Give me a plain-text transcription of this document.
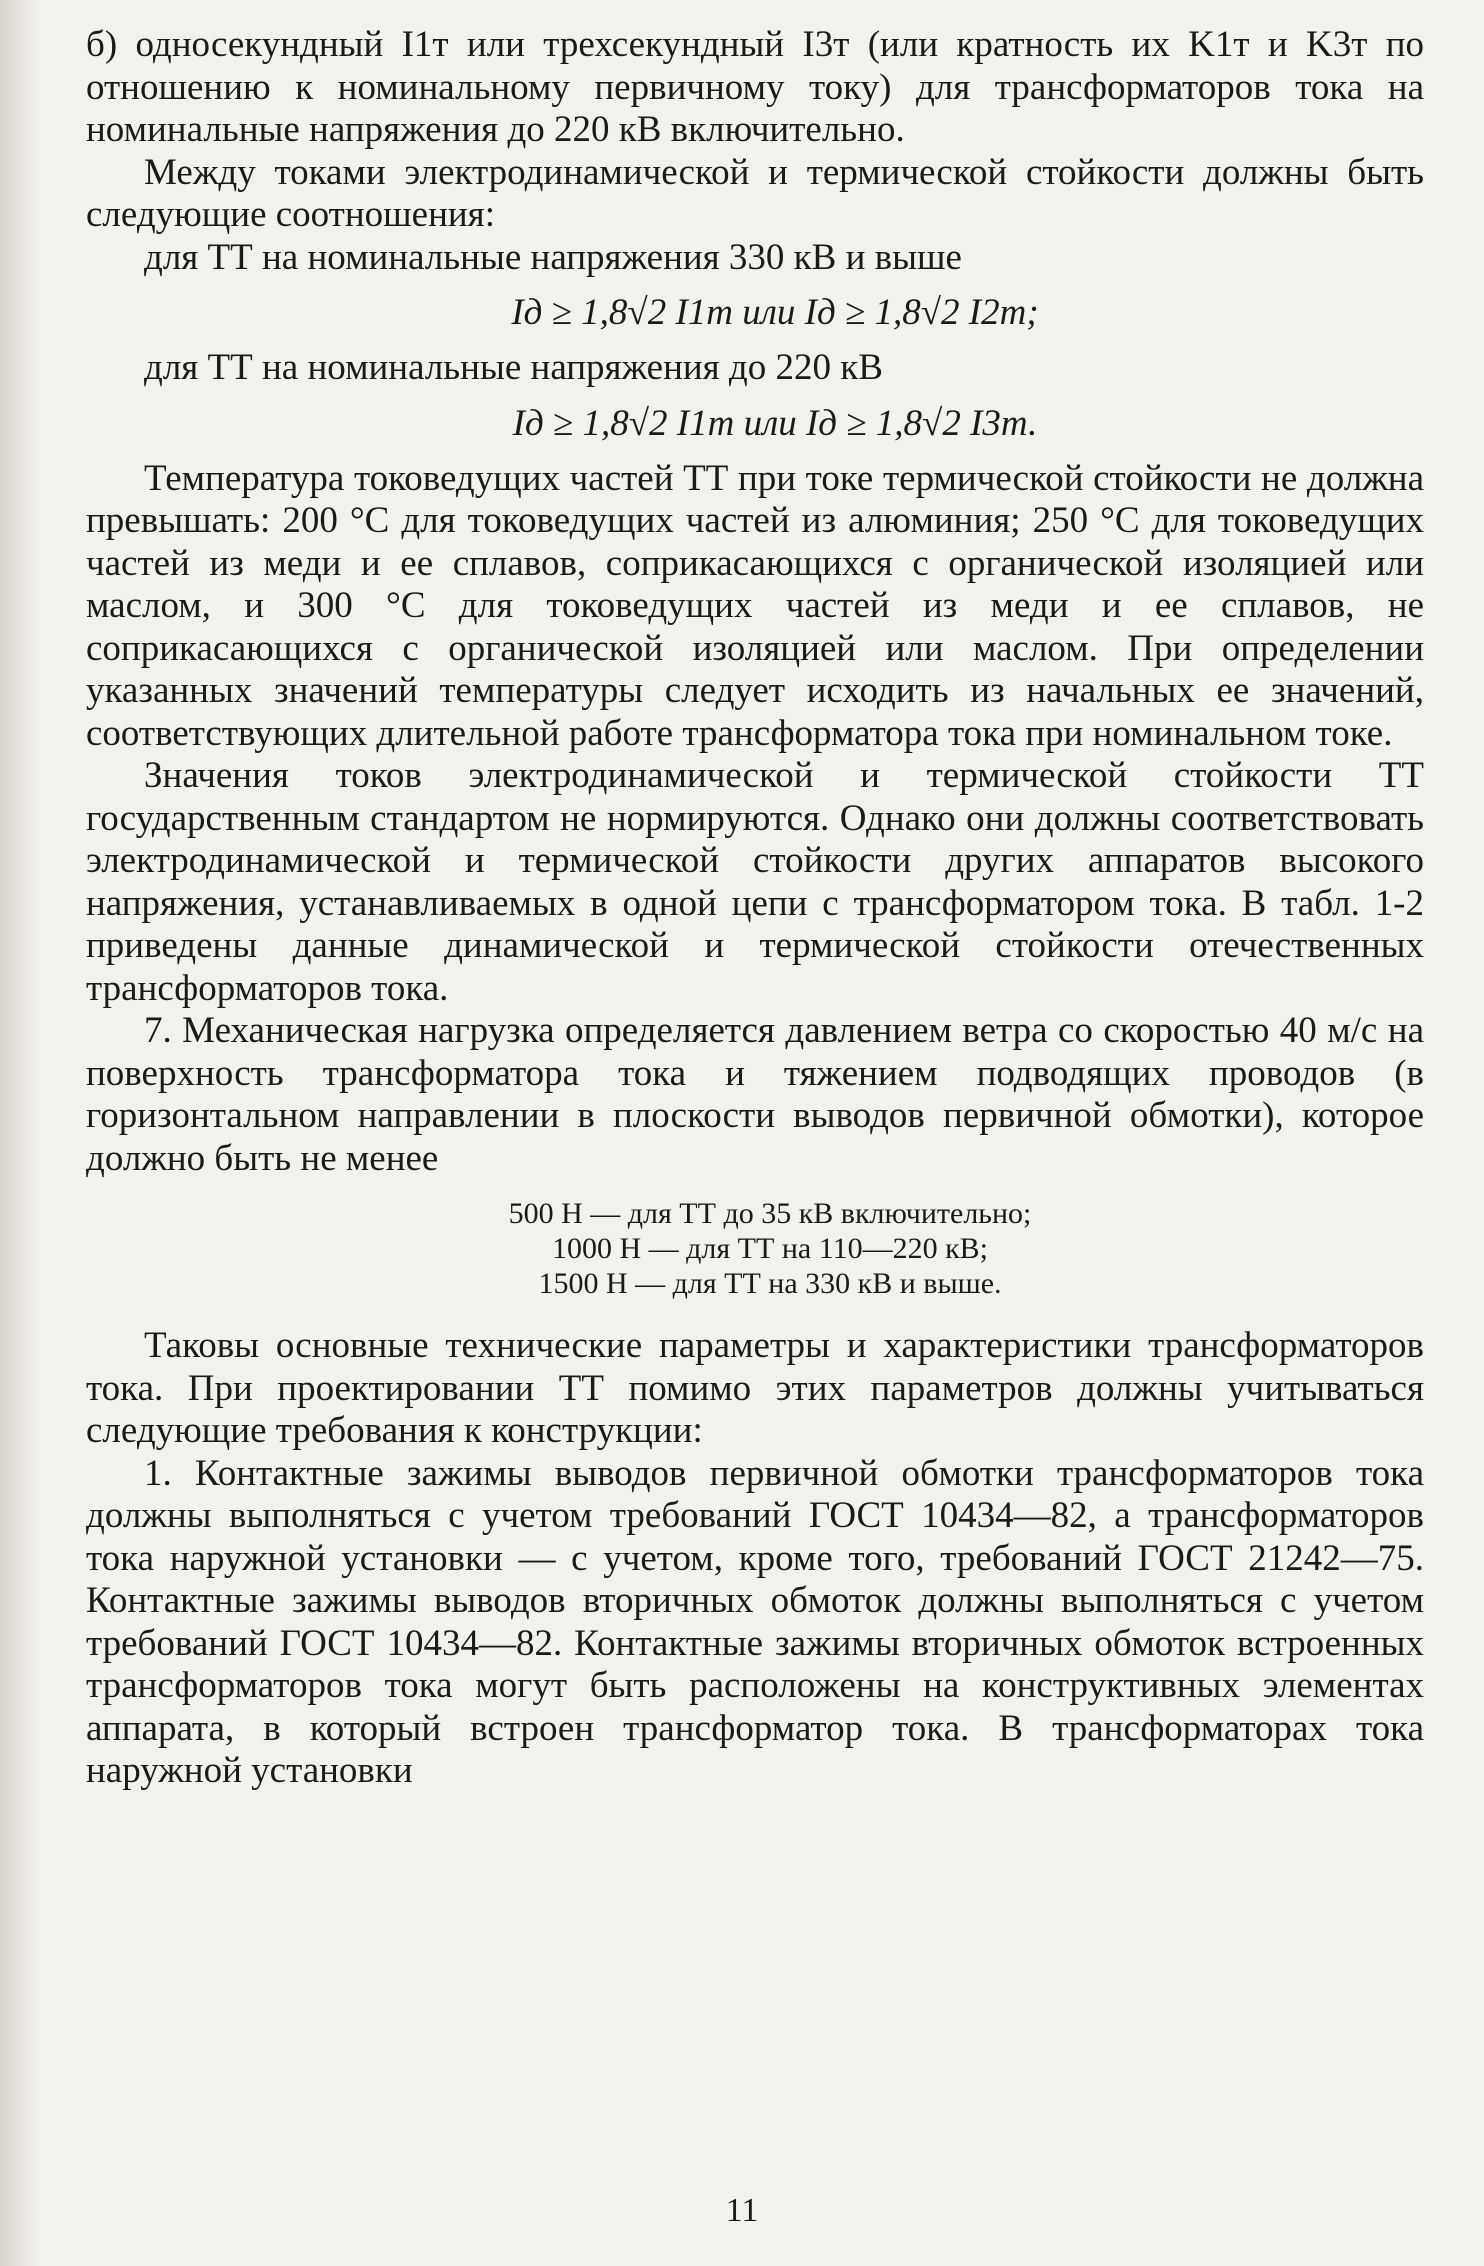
б) односекундный I1т или трехсекундный I3т (или кратность их K1т и K3т по отношению к номинальному первичному току) для трансформаторов тока на номинальные напряжения до 220 кВ включительно.

Между токами электродинамической и термической стойкости должны быть следующие соотношения:

для ТТ на номинальные напряжения 330 кВ и выше

Iд ≥ 1,8√2 I1т или Iд ≥ 1,8√2 I2т;

для ТТ на номинальные напряжения до 220 кВ

Iд ≥ 1,8√2 I1т или Iд ≥ 1,8√2 I3т.

Температура токоведущих частей ТТ при токе термической стойкости не должна превышать: 200 °С для токоведущих частей из алюминия; 250 °С для токоведущих частей из меди и ее сплавов, соприкасающихся с органической изоляцией или маслом, и 300 °С для токоведущих частей из меди и ее сплавов, не соприкасающихся с органической изоляцией или маслом. При определении указанных значений температуры следует исходить из начальных ее значений, соответствующих длительной работе трансформатора тока при номинальном токе.

Значения токов электродинамической и термической стойкости ТТ государственным стандартом не нормируются. Однако они должны соответствовать электродинамической и термической стойкости других аппаратов высокого напряжения, устанавливаемых в одной цепи с трансформатором тока. В табл. 1-2 приведены данные динамической и термической стойкости отечественных трансформаторов тока.

7. Механическая нагрузка определяется давлением ветра со скоростью 40 м/с на поверхность трансформатора тока и тяжением подводящих проводов (в горизонтальном направлении в плоскости выводов первичной обмотки), которое должно быть не менее

500 Н — для ТТ до 35 кВ включительно;
1000 Н — для ТТ на 110—220 кВ;
1500 Н — для ТТ на 330 кВ и выше.

Таковы основные технические параметры и характеристики трансформаторов тока. При проектировании ТТ помимо этих параметров должны учитываться следующие требования к конструкции:

1. Контактные зажимы выводов первичной обмотки трансформаторов тока должны выполняться с учетом требований ГОСТ 10434—82, а трансформаторов тока наружной установки — с учетом, кроме того, требований ГОСТ 21242—75. Контактные зажимы выводов вторичных обмоток должны выполняться с учетом требований ГОСТ 10434—82. Контактные зажимы вторичных обмоток встроенных трансформаторов тока могут быть расположены на конструктивных элементах аппарата, в который встроен трансформатор тока. В трансформаторах тока наружной установки

11
